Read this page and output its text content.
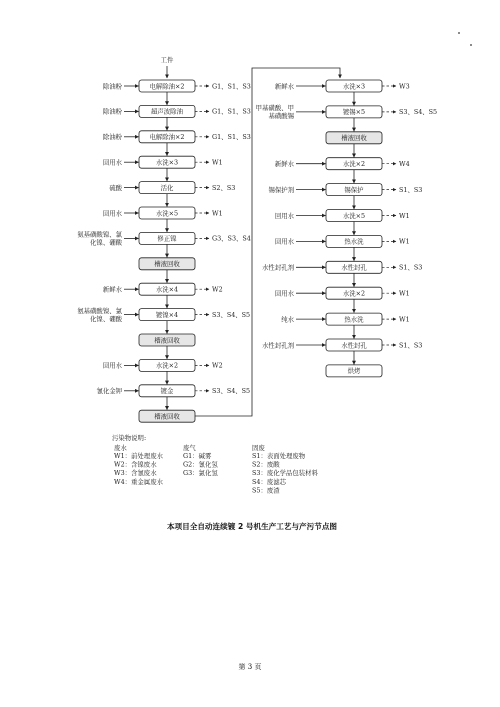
工件
电解除油×2
除油粉	G1、S1、S3
超声波除油
除油粉	G1、S1、S3
电解除油×2
除油粉	G1、S1、S3
水洗×3
回用水	W1
活化
硫酸	S2、S3
水洗×5
回用水	W1
修正镍
氨基磺酸镍、氯
化镍、硼酸	G3、S3、S4
槽液回收
水洗×4
新鲜水	W2
镀镍×4
氨基磺酸镍、氯
化镍、硼酸	S3、S4、S5
槽液回收
水洗×2
回用水	W2
镀金
氰化金钾	S3、S4、S5
槽液回收
水洗×3
新鲜水	W3
镀锡×5
甲基磺酸、甲
基磺酸锡	S3、S4、S5
槽液回收
水洗×2
新鲜水	W4
锡保护
锡保护剂	S1、S3
水洗×5
回用水	W1
热水洗
回用水	W1
水性封孔
水性封孔剂	S1、S3
水洗×2
回用水	W1
热水洗
纯水	W1
水性封孔
水性封孔剂	S1、S3
烘烤
污染物说明:
废水
W1：前处理废水
W2：含镍废水
W3：含氰废水
W4：重金属废水
废气
G1：碱雾
G2：氰化氢
G3：氯化氢
固废
S1：表面处理废物
S2：废酸
S3：废化学品包装材料
S4：废滤芯
S5：废渣
本项目全自动连续镀 2 号机生产工艺与产污节点图
第 3 页
